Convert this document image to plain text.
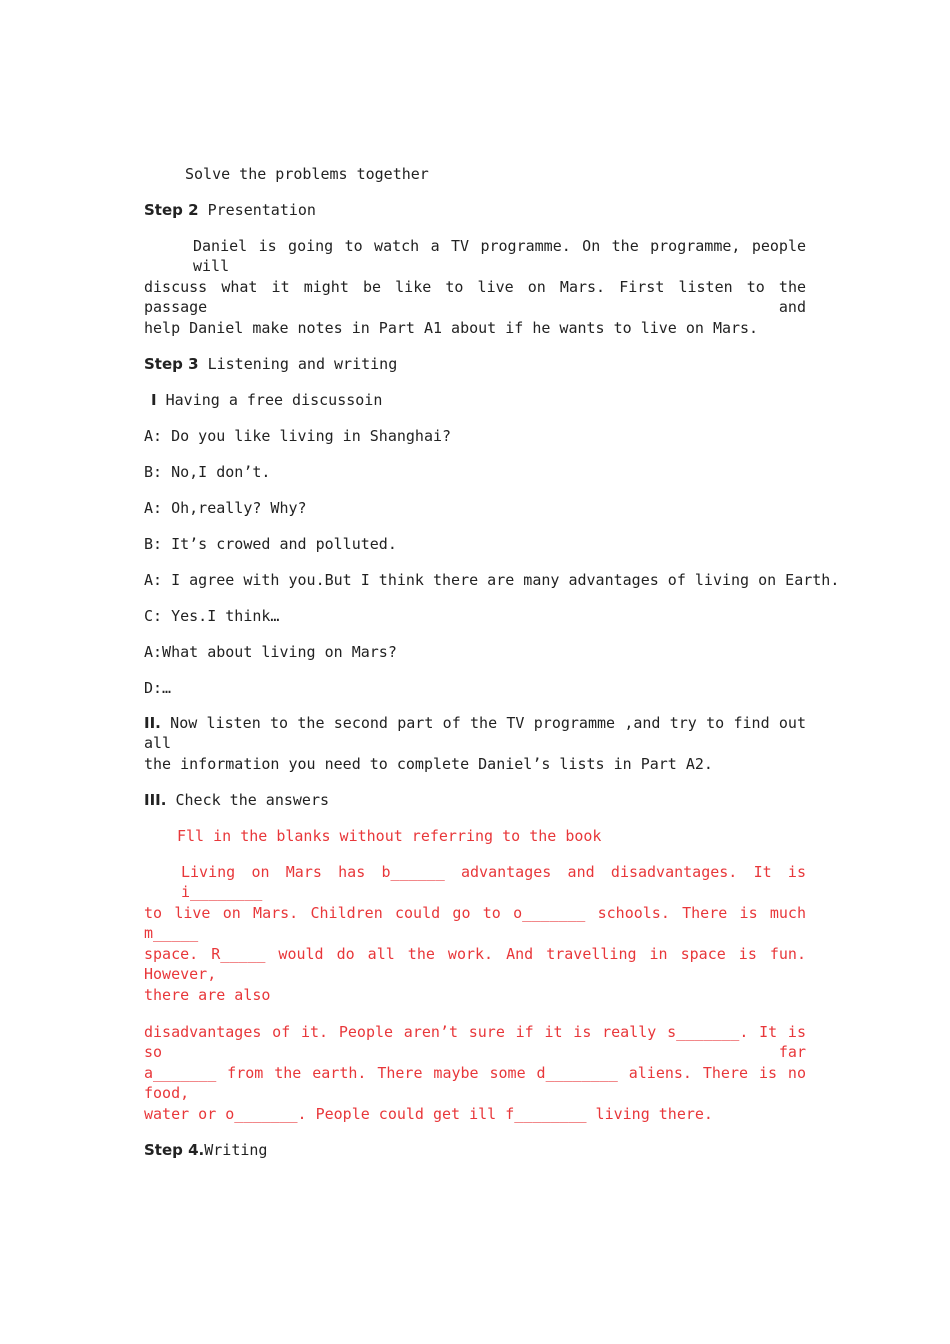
Solve the problems together
Step 2 Presentation
Daniel is going to watch a TV programme. On the programme, people will
discuss what it might be like to live on Mars. First listen to the passage and
help Daniel make notes in Part A1 about if he wants to live on Mars.
Step 3 Listening and writing
I Having a free discussoin
A: Do you like living in Shanghai?
B: No,I don’t.
A: Oh,really? Why?
B: It’s crowed and polluted.
A: I agree with you.But I think there are many advantages of living on Earth.
C: Yes.I think…
A:What about living on Mars?
D:…
II. Now listen to the second part of the TV programme ,and try to find out all
the information you need to complete Daniel’s lists in Part A2.
III. Check the answers
Fll in the blanks without referring to the book
Living on Mars has b______ advantages and disadvantages. It is i________
to live on Mars. Children could go to o_______ schools. There is much m_____
space. R_____ would do all the work. And travelling in space is fun. However,
there are also
disadvantages of it. People aren’t sure if it is really s_______. It is so far
a_______ from the earth. There maybe some d________ aliens. There is no food,
water or o_______. People could get ill f________ living there.
Step 4.Writing
